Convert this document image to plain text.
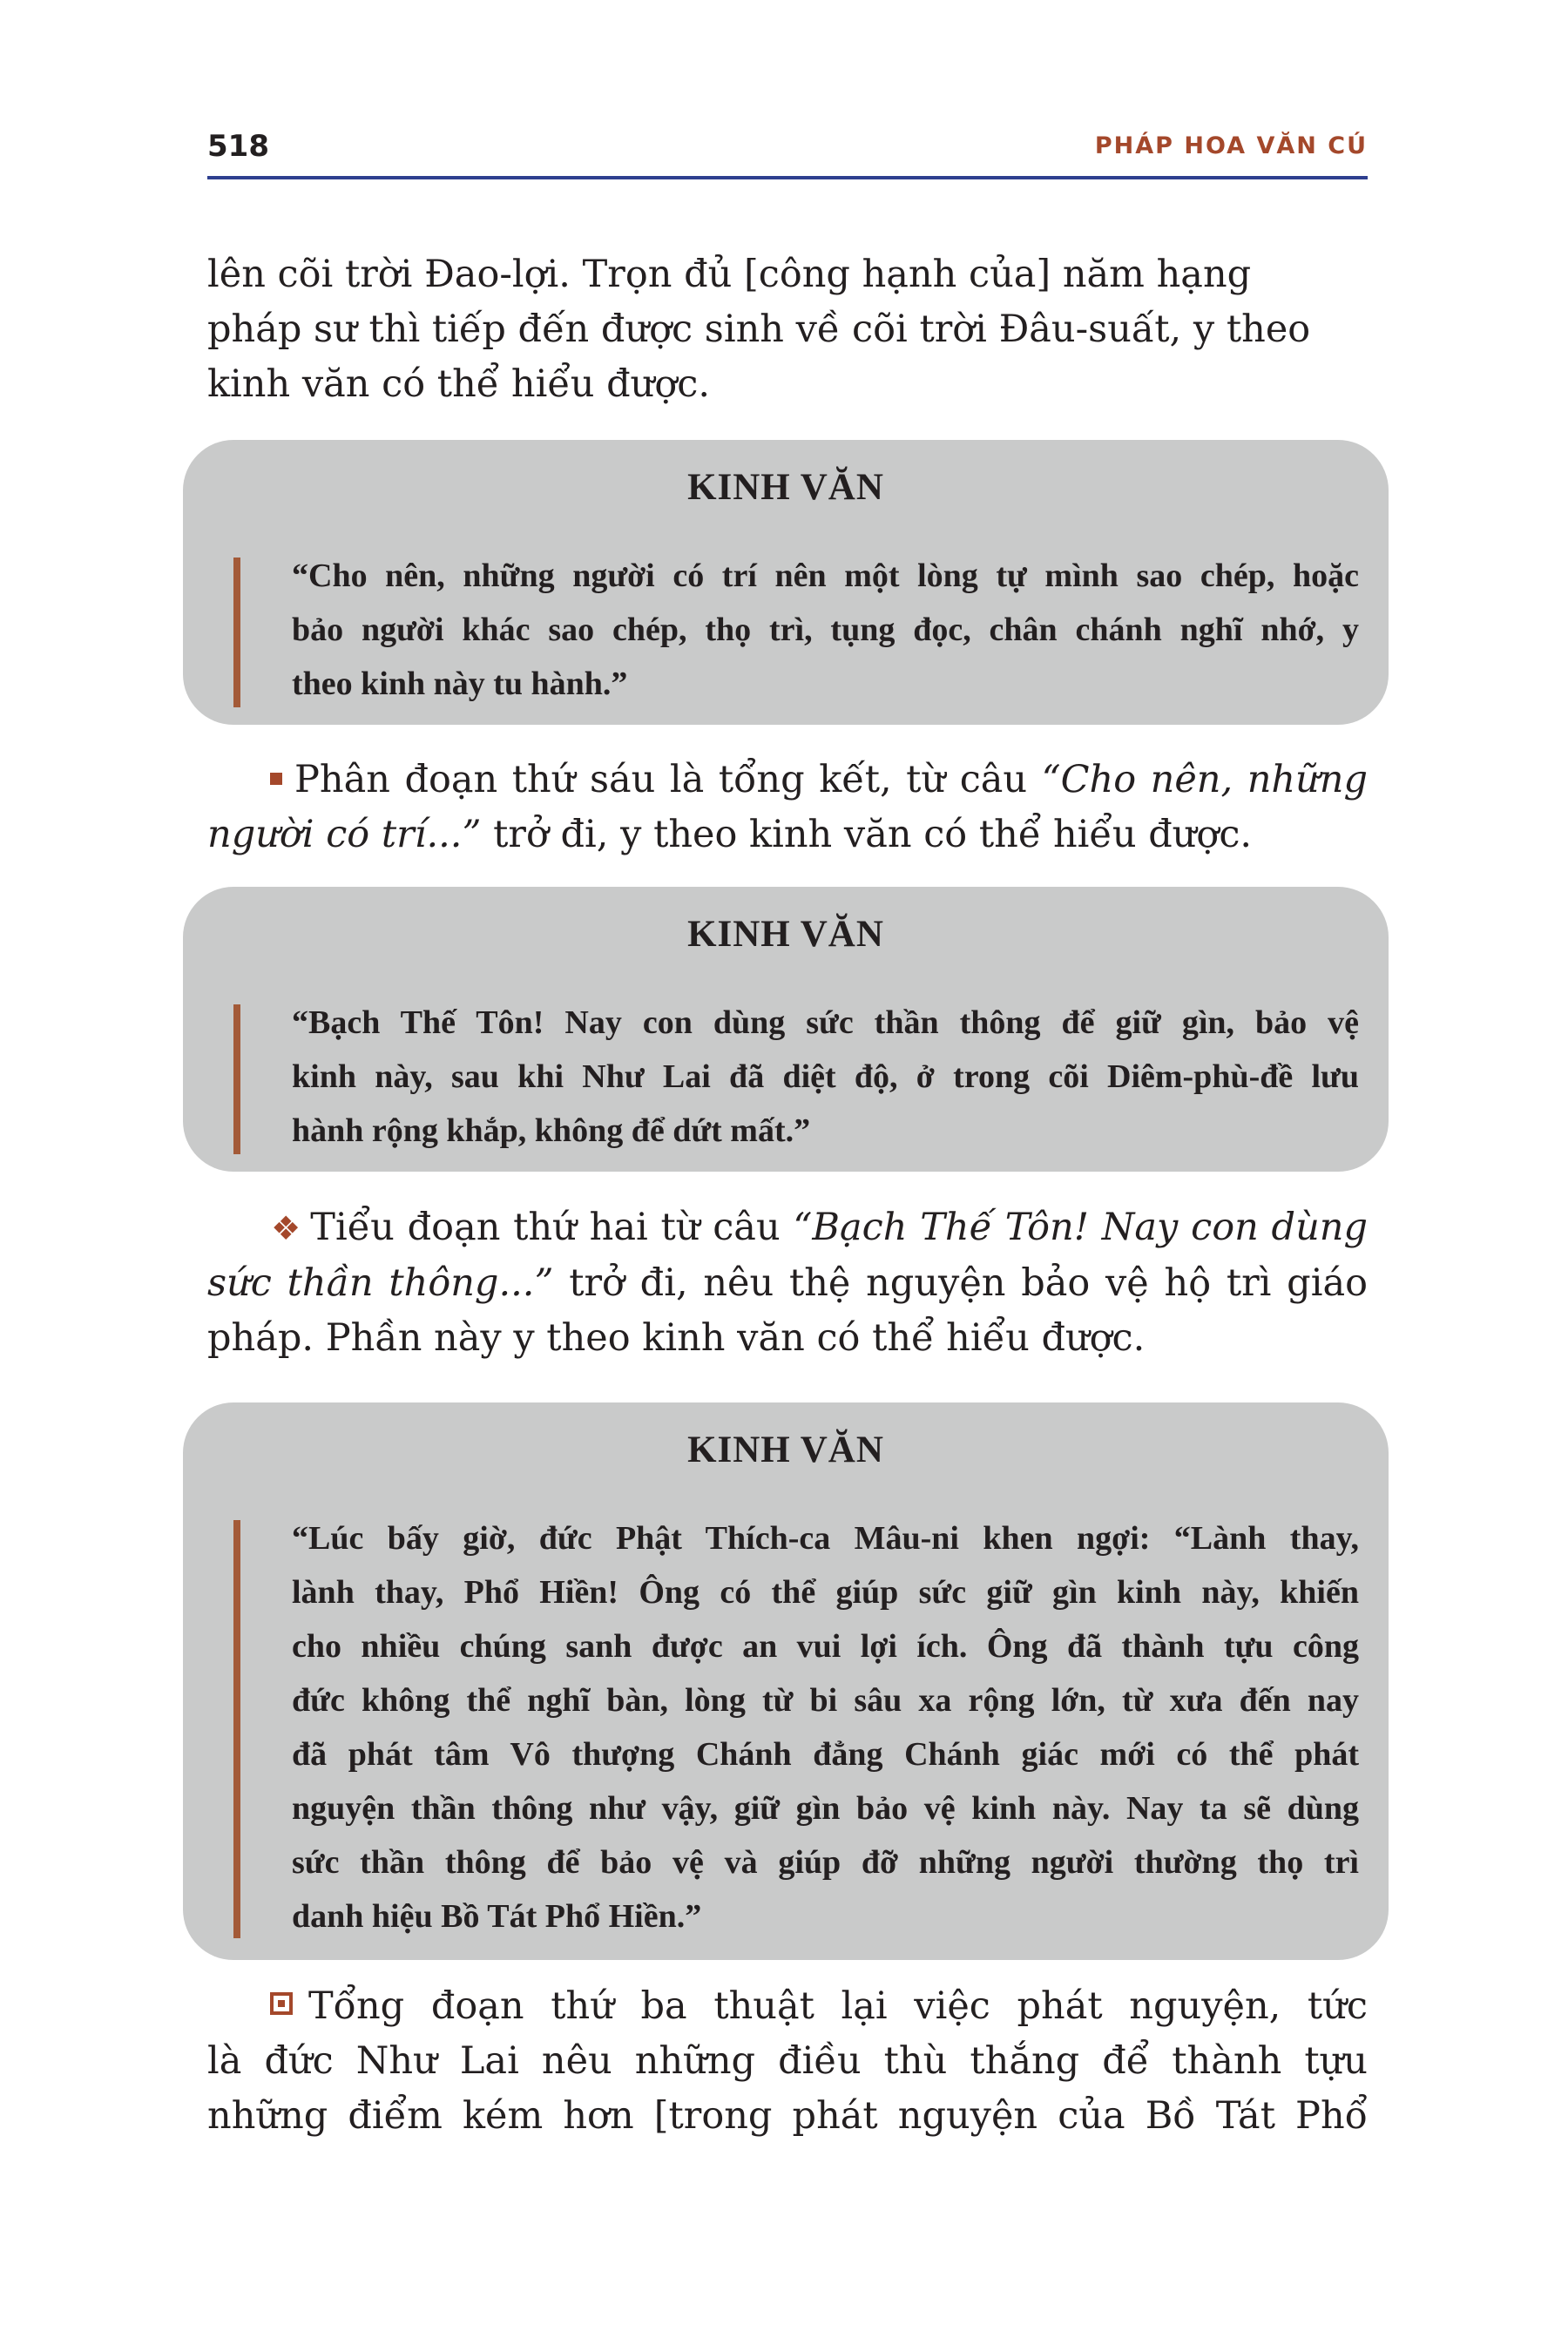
518	PHÁP HOA VĂN CÚ
lên cõi trời Đao-lợi. Trọn đủ [công hạnh của] năm hạng
pháp sư thì tiếp đến được sinh về cõi trời Đâu-suất, y theo
kinh văn có thể hiểu được.
KINH VĂN
“Cho nên, những người có trí nên một lòng tự mình sao chép, hoặc
bảo người khác sao chép, thọ trì, tụng đọc, chân chánh nghĩ nhớ, y
theo kinh này tu hành.”
Phân đoạn thứ sáu là tổng kết, từ câu “Cho nên, những người có trí...” trở đi, y theo kinh văn có thể hiểu được.
KINH VĂN
“Bạch Thế Tôn! Nay con dùng sức thần thông để giữ gìn, bảo vệ
kinh này, sau khi Như Lai đã diệt độ, ở trong cõi Diêm-phù-đề lưu
hành rộng khắp, không để dứt mất.”
❖ Tiểu đoạn thứ hai từ câu “Bạch Thế Tôn! Nay con dùng sức thần thông...” trở đi, nêu thệ nguyện bảo vệ hộ trì giáo pháp. Phần này y theo kinh văn có thể hiểu được.
KINH VĂN
“Lúc bấy giờ, đức Phật Thích-ca Mâu-ni khen ngợi: “Lành thay,
lành thay, Phổ Hiền! Ông có thể giúp sức giữ gìn kinh này, khiến
cho nhiều chúng sanh được an vui lợi ích. Ông đã thành tựu công
đức không thể nghĩ bàn, lòng từ bi sâu xa rộng lớn, từ xưa đến nay
đã phát tâm Vô thượng Chánh đẳng Chánh giác mới có thể phát
nguyện thần thông như vậy, giữ gìn bảo vệ kinh này. Nay ta sẽ dùng
sức thần thông để bảo vệ và giúp đỡ những người thường thọ trì
danh hiệu Bồ Tát Phổ Hiền.”
Tổng đoạn thứ ba thuật lại việc phát nguyện, tức
là đức Như Lai nêu những điều thù thắng để thành tựu
những điểm kém hơn [trong phát nguyện của Bồ Tát Phổ
